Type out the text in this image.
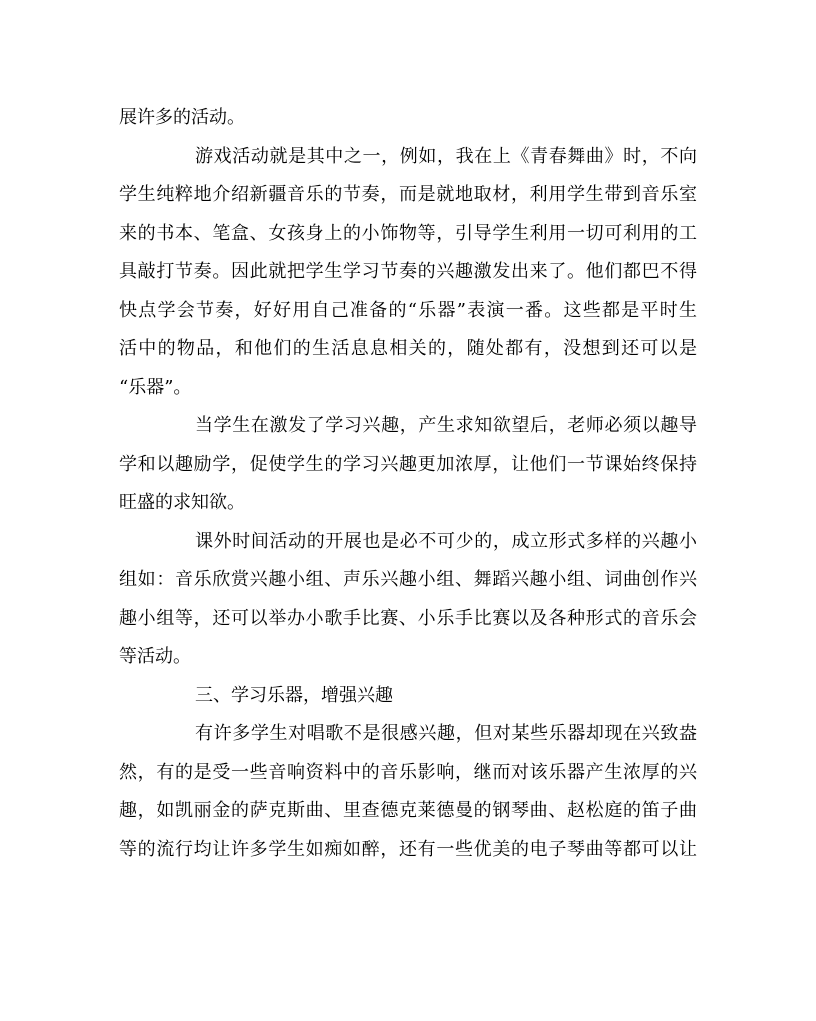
展许多的活动。
游戏活动就是其中之一，例如，我在上《青春舞曲》时，不向
学生纯粹地介绍新疆音乐的节奏，而是就地取材，利用学生带到音乐室
来的书本、笔盒、女孩身上的小饰物等，引导学生利用一切可利用的工
具敲打节奏。因此就把学生学习节奏的兴趣激发出来了。他们都巴不得
快点学会节奏，好好用自己准备的“乐器”表演一番。这些都是平时生
活中的物品，和他们的生活息息相关的，随处都有，没想到还可以是
“乐器”。
当学生在激发了学习兴趣，产生求知欲望后，老师必须以趣导
学和以趣励学，促使学生的学习兴趣更加浓厚，让他们一节课始终保持
旺盛的求知欲。
课外时间活动的开展也是必不可少的，成立形式多样的兴趣小
组如：音乐欣赏兴趣小组、声乐兴趣小组、舞蹈兴趣小组、词曲创作兴
趣小组等，还可以举办小歌手比赛、小乐手比赛以及各种形式的音乐会
等活动。
三、学习乐器，增强兴趣
有许多学生对唱歌不是很感兴趣，但对某些乐器却现在兴致盎
然，有的是受一些音响资料中的音乐影响，继而对该乐器产生浓厚的兴
趣，如凯丽金的萨克斯曲、里查德克莱德曼的钢琴曲、赵松庭的笛子曲
等的流行均让许多学生如痴如醉，还有一些优美的电子琴曲等都可以让
